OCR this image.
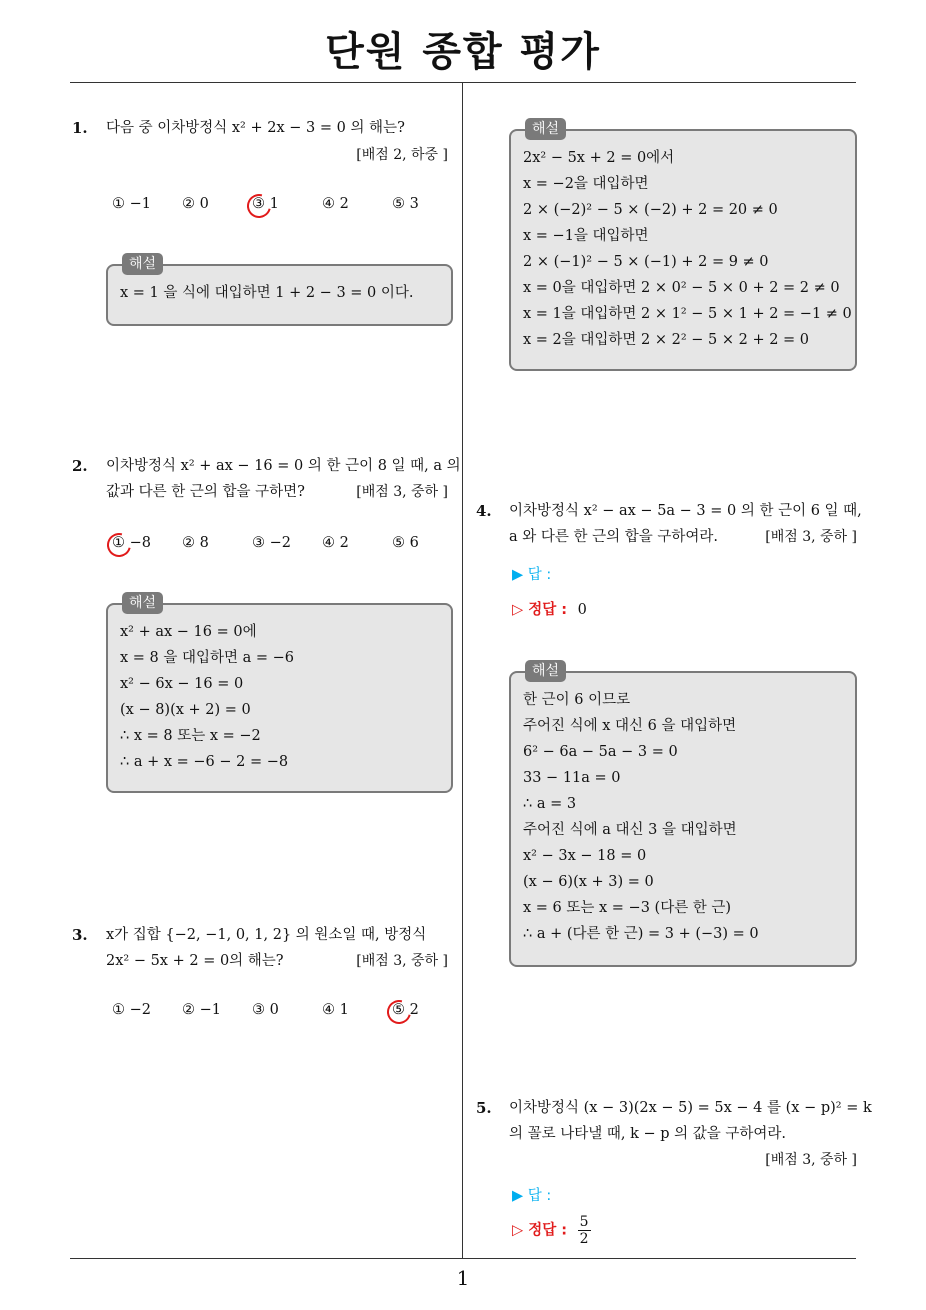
단원 종합 평가
1
1. 다음 중 이차방정식 x² + 2x − 3 = 0 의 해는?
[배점 2, 하중 ]
① −1	② 0	③ 1	④ 2	⑤ 3
해설
x = 1 을 식에 대입하면 1 + 2 − 3 = 0 이다.
2. 이차방정식 x² + ax − 16 = 0 의 한 근이 8 일 때, a 의
값과 다른 한 근의 합을 구하면?	[배점 3, 중하 ]
① −8	② 8	③ −2	④ 2	⑤ 6
해설
x² + ax − 16 = 0에
x = 8 을 대입하면 a = −6
x² − 6x − 16 = 0
(x − 8)(x + 2) = 0
∴ x = 8 또는 x = −2
∴ a + x = −6 − 2 = −8
3. x가 집합 {−2, −1, 0, 1, 2} 의 원소일 때, 방정식
2x² − 5x + 2 = 0의 해는?	[배점 3, 중하 ]
① −2	② −1	③ 0	④ 1	⑤ 2
해설
2x² − 5x + 2 = 0에서
x = −2을 대입하면
2 × (−2)² − 5 × (−2) + 2 = 20 ≠ 0
x = −1을 대입하면
2 × (−1)² − 5 × (−1) + 2 = 9 ≠ 0
x = 0을 대입하면 2 × 0² − 5 × 0 + 2 = 2 ≠ 0
x = 1을 대입하면 2 × 1² − 5 × 1 + 2 = −1 ≠ 0
x = 2을 대입하면 2 × 2² − 5 × 2 + 2 = 0
4. 이차방정식 x² − ax − 5a − 3 = 0 의 한 근이 6 일 때,
a 와 다른 한 근의 합을 구하여라.	[배점 3, 중하 ]
▶ 답 :
▷ 정답 : 0
해설
한 근이 6 이므로
주어진 식에 x 대신 6 을 대입하면
6² − 6a − 5a − 3 = 0
33 − 11a = 0
∴ a = 3
주어진 식에 a 대신 3 을 대입하면
x² − 3x − 18 = 0
(x − 6)(x + 3) = 0
x = 6 또는 x = −3 (다른 한 근)
∴ a + (다른 한 근) = 3 + (−3) = 0
5. 이차방정식 (x − 3)(2x − 5) = 5x − 4 를 (x − p)² = k
의 꼴로 나타낼 때, k − p 의 값을 구하여라.
[배점 3, 중하 ]
▶ 답 :
▷ 정답 : $\frac{5}{2}$
